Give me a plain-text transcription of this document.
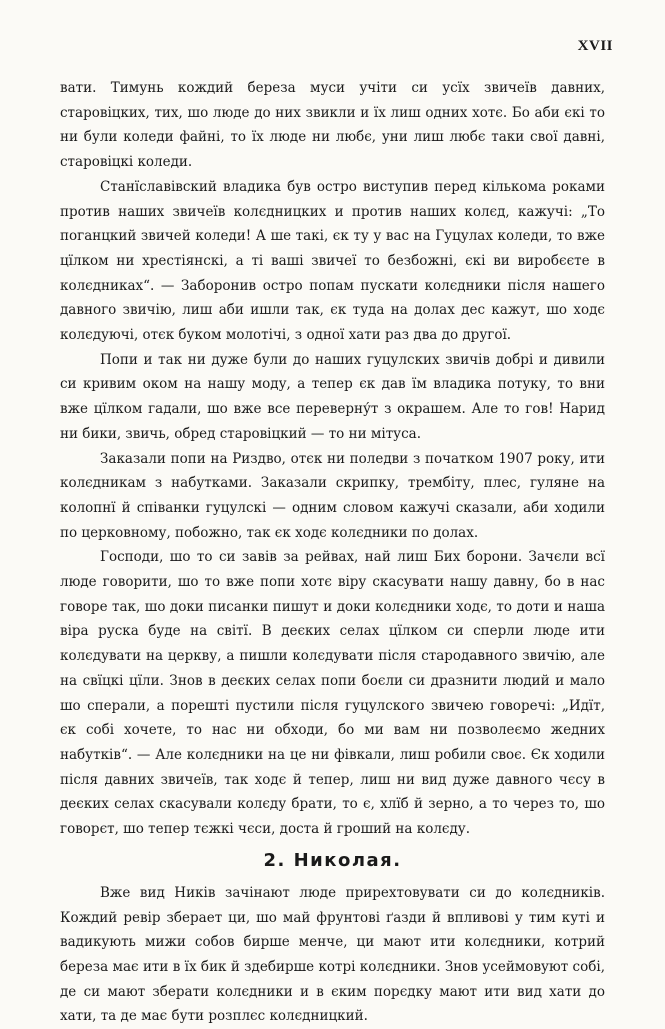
XVII

вати. Тимунь кождий береза муси учіти си усїх звичеїв давних, старовіцких, тих, шо люде до них звикли и їх лиш одних хотє. Бо аби єкі то ни були коледи файні, то їх люде ни любє, уни лиш любє таки свої давні, старовіцкі коледи.

Станїславівский владика був остро виступив перед кількома роками против наших звичеїв колєдницких и против наших колєд, кажучі: „То поганцкий звичей коледи! А ше такі, єк ту у вас на Гуцулах коледи, то вже цїлком ни хрестіянскі, а ті ваші звичеї то безбожні, єкі ви виробєєте в колєдниках“. — Заборонив остро попам пускати колєдники після нашего давного звичію, лиш аби ишли так, єк туда на долах дес кажут, шо ходє колєдуючі, отєк буком молотічі, з одної хати раз два до другої.

Попи и так ни дуже були до наших гуцулских звичів добрі и дивили си кривим оком на нашу моду, а тепер єк дав їм владика потуку, то вни вже цїлком гадали, шо вже все переверну́т з окрашем. Але то гов! Нарид ни бики, звичь, обред старовіцкий — то ни мітуса.

Заказали попи на Риздво, отєк ни поледви з початком 1907 року, ити колєдникам з набутками. Заказали скрипку, трембіту, плес, гуляне на колопнї й співанки гуцулскі — одним словом кажучі сказали, аби ходили по церковному, побожно, так єк ходє колєдники по долах.

Господи, шо то си завів за рейвах, най лиш Бих борони. Зачєли всї люде говорити, шо то вже попи хотє віру скасувати нашу давну, бо в нас говоре так, шо доки писанки пишут и доки колєдники ходє, то доти и наша віра руска буде на світї. В деєких селах цїлком си сперли люде ити колєдувати на церкву, а пишли колєдувати після стародавного звичію, але на свїцкі цїли. Знов в деєких селах попи боєли си дразнити людий и мало шо сперали, а порешті пустили після гуцулского звичею говоречі: „Идїт, єк собі хочете, то нас ни обходи, бо ми вам ни позволеємо жедних набутків“. — Але колєдники на це ни фівкали, лиш робили своє. Єк ходили після давних звичеїв, так ходє й тепер, лиш ни вид дуже давного чєсу в деєких селах скасували колєду брати, то є, хлїб й зерно, а то через то, шо говорєт, шо тепер тєжкі чєси, доста й гроший на колєду.

2. Николая.

Вже вид Ників зачінают люде приреxтовувати си до колєдників. Кождий ревір зберает ци, шо май фрунтові ґазди й впливові у тим куті и вадикують мижи собов бирше менче, ци мают ити колєдники, котрий береза має ити в їх бик й здебирше котрі колєдники. Знов усеймовуют собі, де си мают зберати колєдники и в єким порєдку мают ити вид хати до хати, та де має бути розплєс колєдницкий.
